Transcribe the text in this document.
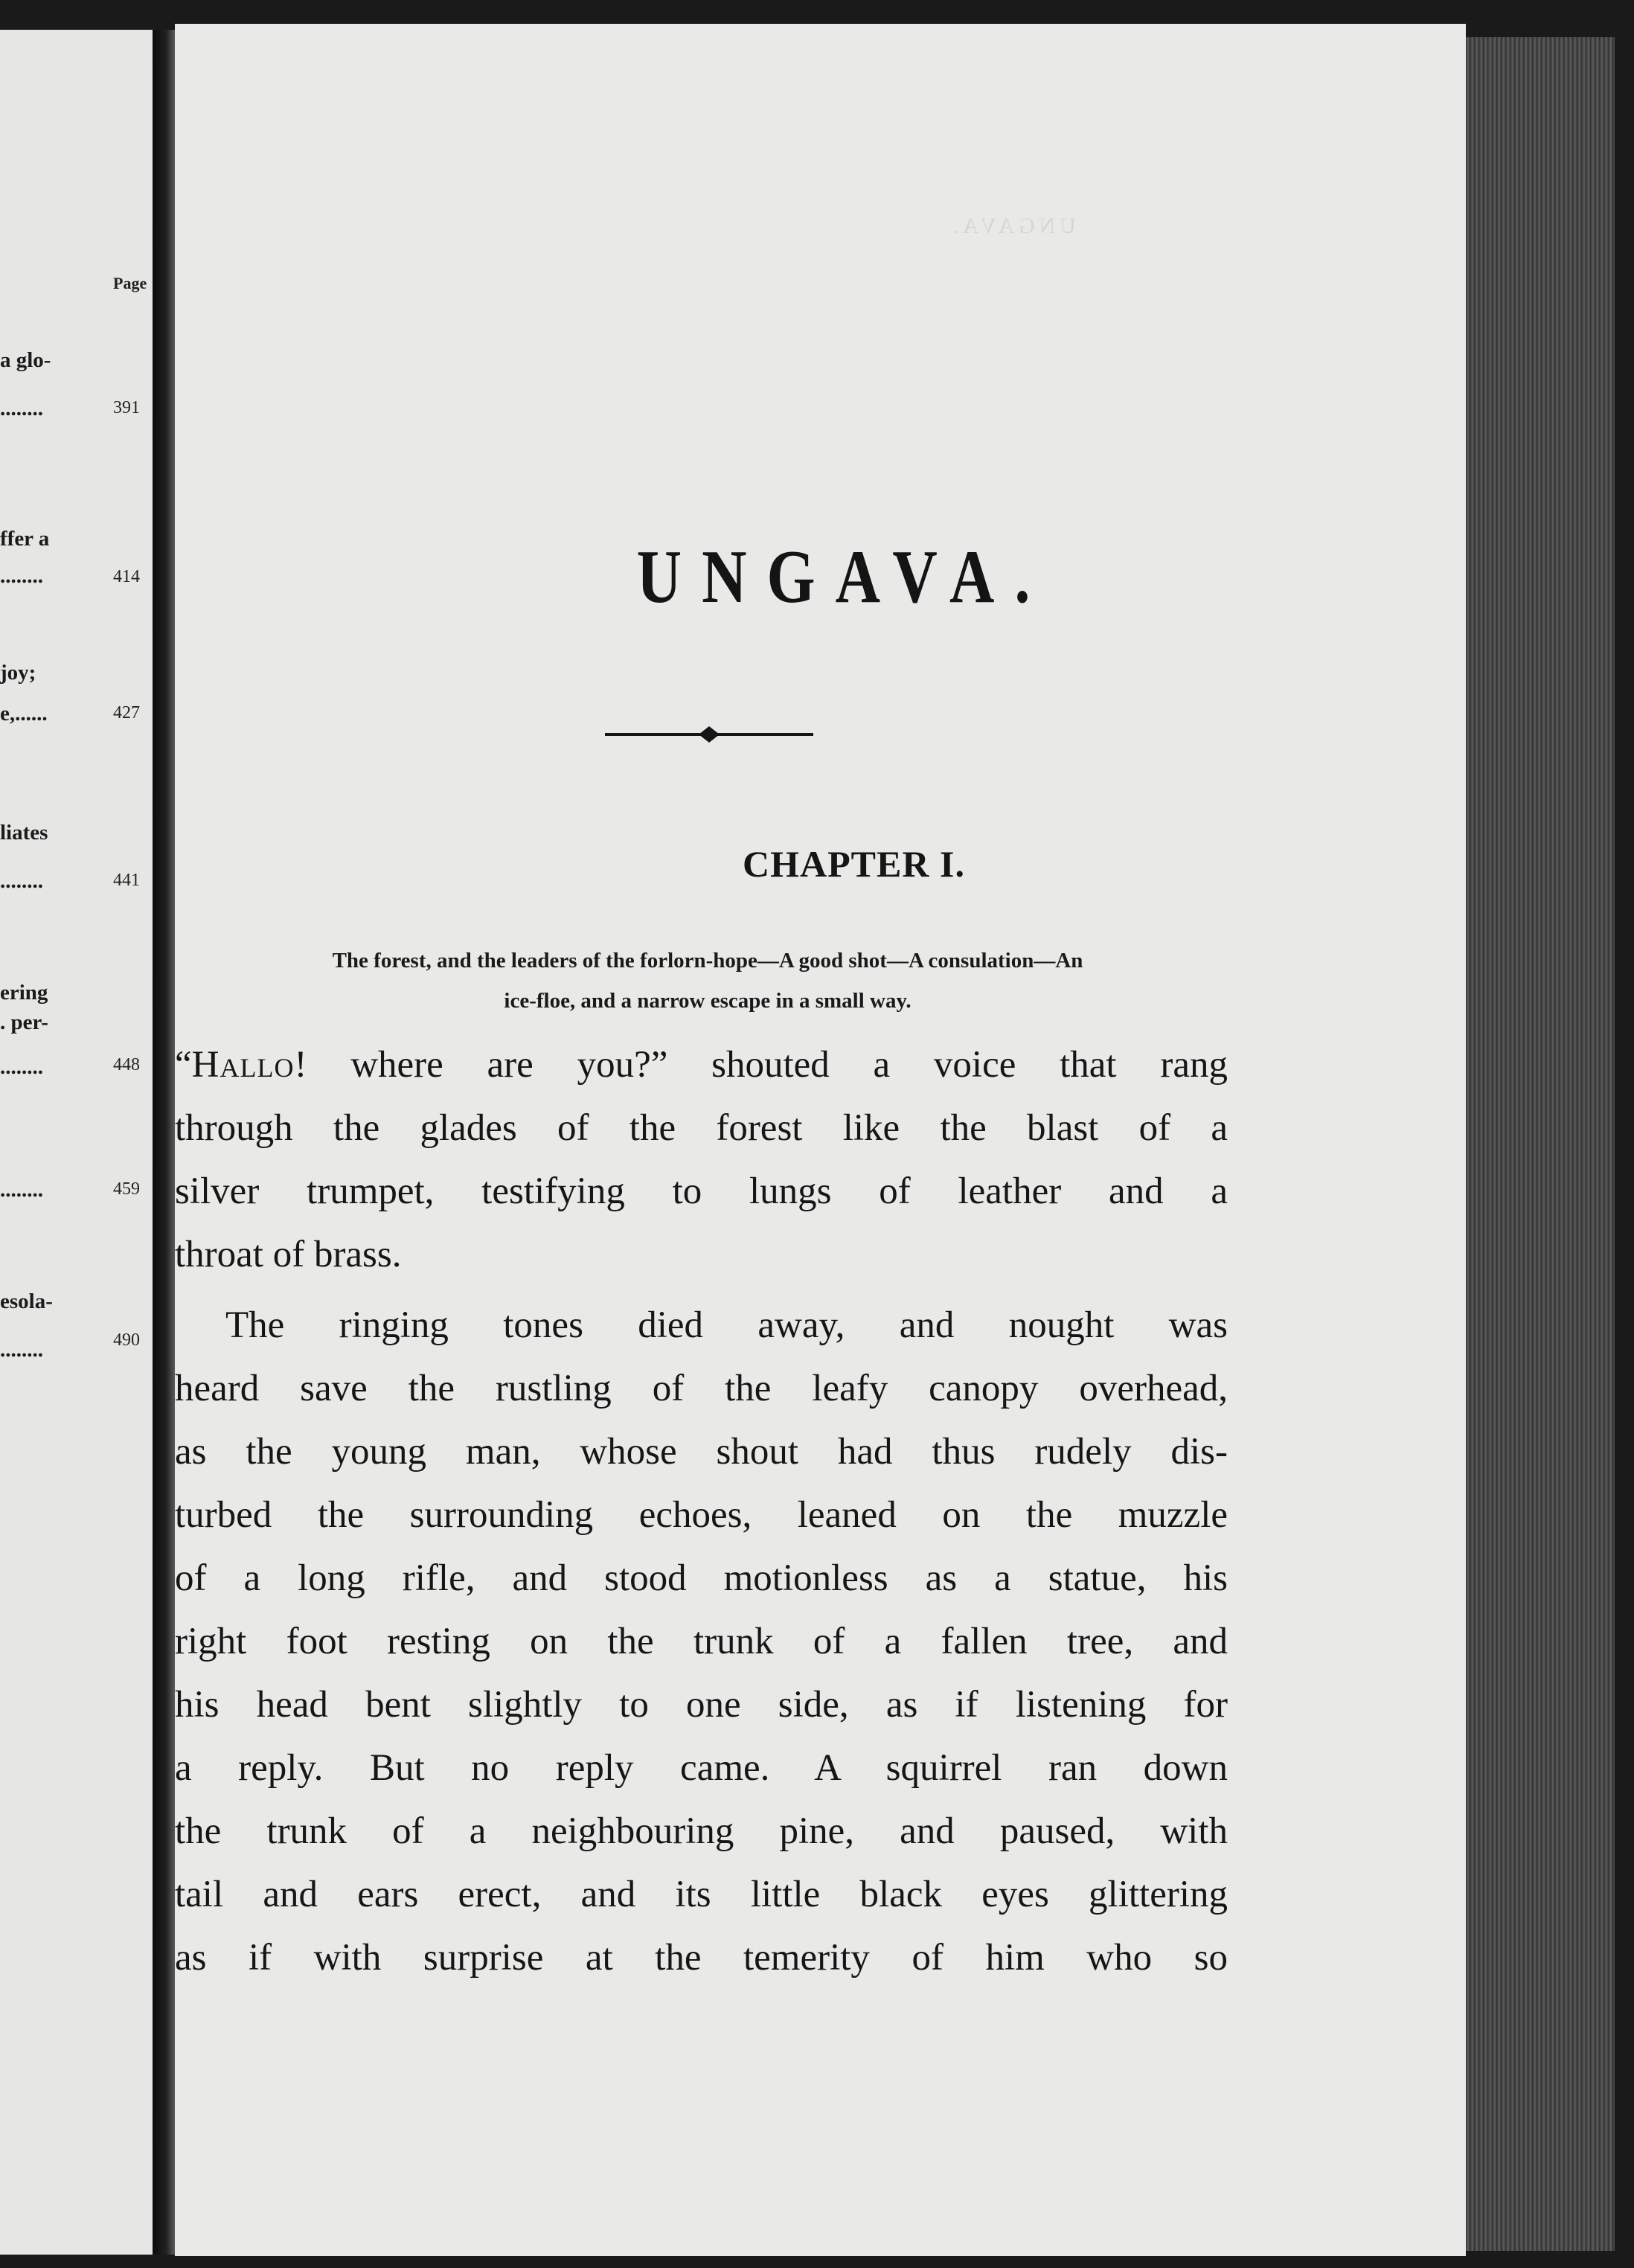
Page
a glo-
........	391
ffer a
........	414
joy;
e,......	427
liates
........	441
ering
. per-
........	448
........	459
esola-
........	490
UNGAVA.
UNGAVA.
CHAPTER I.
The forest, and the leaders of the forlorn-hope—A good shot—A consulation—An
ice-floe, and a narrow escape in a small way.
“Hallo! where are you?” shouted a voice that rang
through the glades of the forest like the blast of a
silver trumpet, testifying to lungs of leather and a
throat of brass.
The ringing tones died away, and nought was
heard save the rustling of the leafy canopy overhead,
as the young man, whose shout had thus rudely dis-
turbed the surrounding echoes, leaned on the muzzle
of a long rifle, and stood motionless as a statue, his
right foot resting on the trunk of a fallen tree, and
his head bent slightly to one side, as if listening for
a reply. But no reply came. A squirrel ran down
the trunk of a neighbouring pine, and paused, with
tail and ears erect, and its little black eyes glittering
as if with surprise at the temerity of him who so
